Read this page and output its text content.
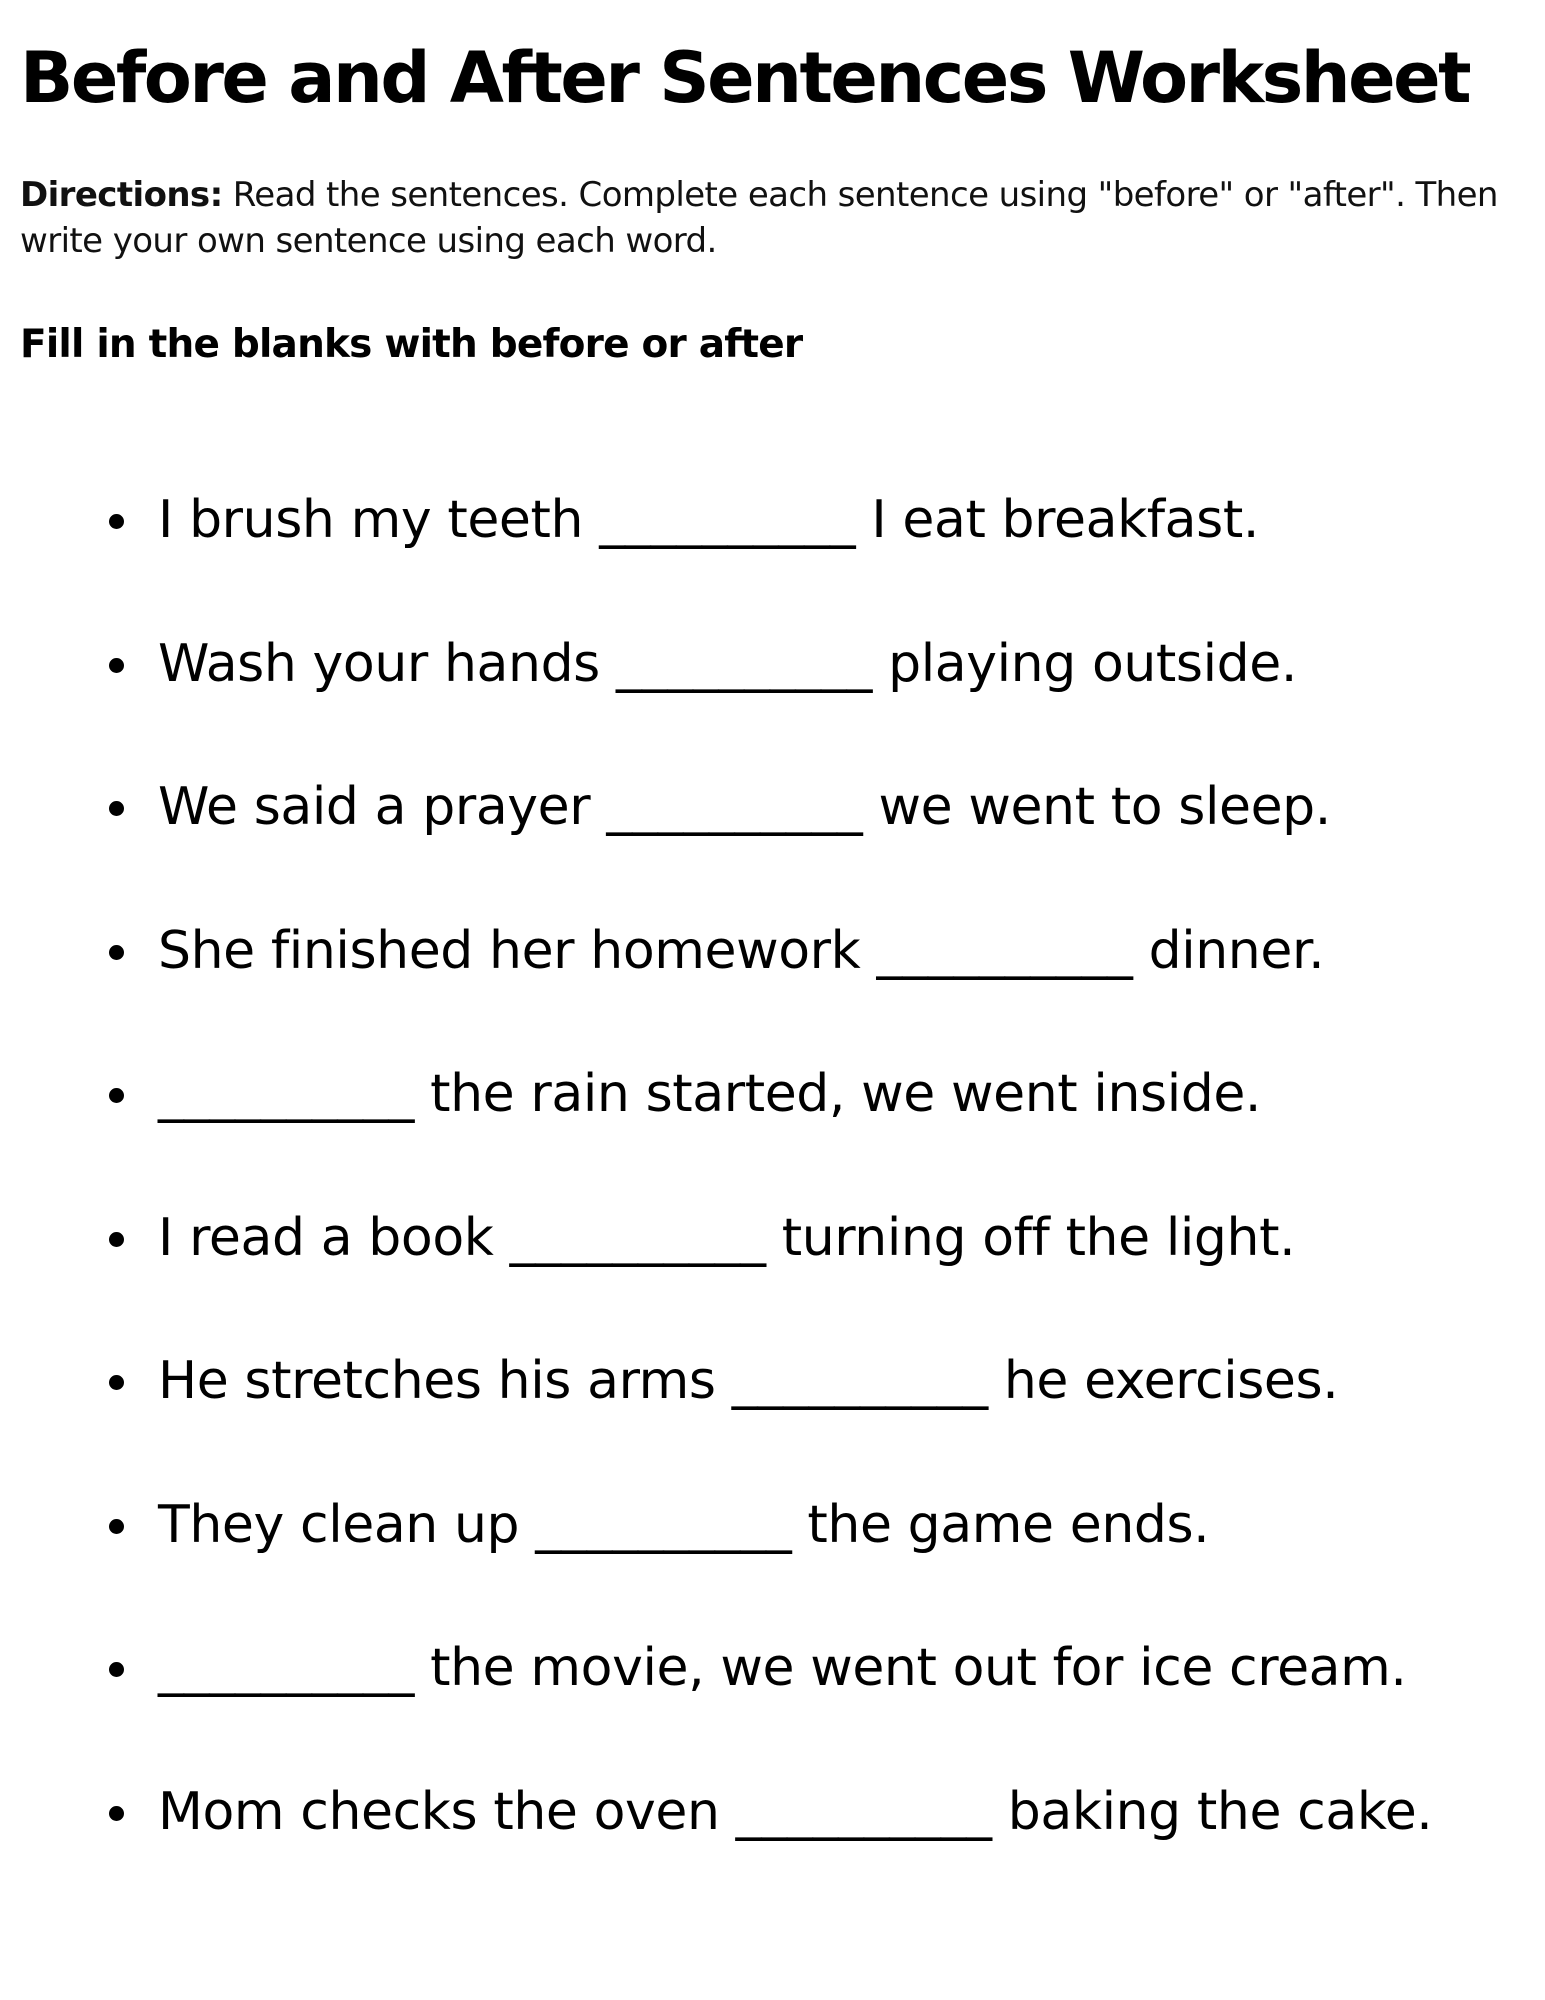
Before and After Sentences Worksheet

Directions: Read the sentences. Complete each sentence using "before" or "after". Then write your own sentence using each word.

Fill in the blanks with before or after
I brush my teeth __________ I eat breakfast.
Wash your hands __________ playing outside.
We said a prayer __________ we went to sleep.
She finished her homework __________ dinner.
__________ the rain started, we went inside.
I read a book __________ turning off the light.
He stretches his arms __________ he exercises.
They clean up __________ the game ends.
__________ the movie, we went out for ice cream.
Mom checks the oven __________ baking the cake.
